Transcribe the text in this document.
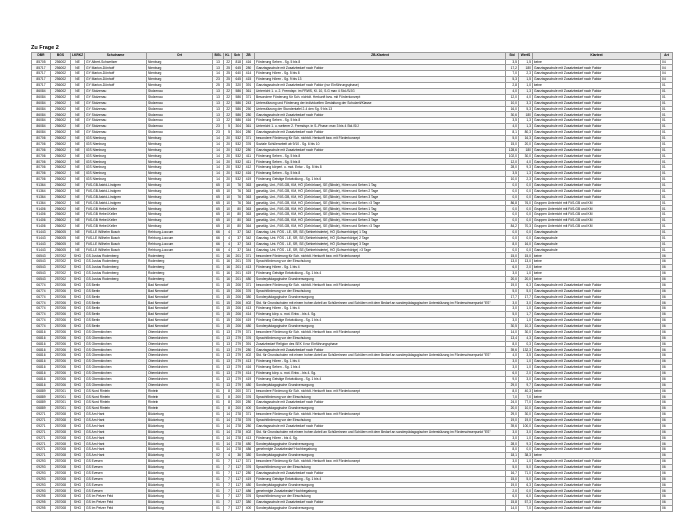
Zu Frage 2
DBR	BGS	LKRKZ	Schulname	Ort	BGL	KL	Sch	ZB	ZB-Klartext	Std	WertS	Klartext	Art
85705	256002	NE	GY Albert-Schweitzer	Nienburg	13	22	818	416	Förderung Sehen - Sg. 5 bis 8	3,5	1,5	keine	04
85717	256002	NE	GY Marion-Dönhoff	Nienburg	13	25	645	280	Ganztagsschule mit Zusatzbedarf nach Faktor	17,2	180	Ganztagsschule mit Zusatzbedarf nach Faktor	04
85717	256002	NE	GY Marion-Dönhoff	Nienburg	14	25	640	414	Förderung Hören - Sg. 5 bis 8	7,0	2,3	Ganztagsschule mit Zusatzbedarf nach Faktor	04
85717	256002	NE	GY Marion-Dönhoff	Nienburg	23	25	645	415	Förderung Hören - Sg. 9 bis 13	5,3	1,5	Ganztagsschule mit Zusatzbedarf nach Faktor	04
85717	256002	NE	GY Marion-Dönhoff	Nienburg	25	25	320	391	Ganztagsschule mit Zusatzbedarf nach Faktor (nur Einführungsphase)	2,8	1,0	keine	01
86084	256002	NE	GY Stolzenau	Stolzenau	13	22	586	361	Unterricht 1. u. 2. Fremdspr. im FRWS, Kl. 10, S.G max 4 Std./S/JG	4,0	1,3	Ganztagsschule mit Zusatzbedarf nach Faktor	01
86084	256002	NE	GY Stolzenau	Stolzenau	13	22	586	371	Besondere Förderung für Sch. nichtdt. Herkunft bzw. mit Förderkonzept	12,0	4,0	Ganztagsschule mit Zusatzbedarf nach Faktor	01
86084	256002	NE	GY Stolzenau	Stolzenau	13	22	586	243	Unterstützung und Förderung der individuellen Gestaltung der Schulzeit/Klasse	10,0	3,3	Ganztagsschule mit Zusatzbedarf nach Faktor	01
86084	256002	NE	GY Stolzenau	Stolzenau	13	22	586	250	Unterstützung der Stundentafel 2-4 den Sg. 9 bis 13	16,0	5,3	Ganztagsschule mit Zusatzbedarf nach Faktor	01
86084	256002	NE	GY Stolzenau	Stolzenau	13	22	586	280	Ganztagsschule mit Zusatzbedarf nach Faktor	30,6	180	Ganztagsschule mit Zusatzbedarf nach Faktor	01
86084	256002	NE	GY Stolzenau	Stolzenau	13	22	586	416	Förderung Sehen - Sg. 5 bis 8	3,5	1,3	Ganztagsschule mit Zusatzbedarf nach Faktor	01
86084	256002	NE	GY Stolzenau	Stolzenau	23	5	304	361	Unterricht 1. u. weiterer 2. Fremdspr. in S.-Phase: max 3 bis 4 Std./S/J	4,0	1,3	Ganztagsschule mit Zusatzbedarf nach Faktor	01
86084	256002	NE	GY Stolzenau	Stolzenau	23	5	304	280	Ganztagsschule mit Zusatzbedarf nach Faktor	8,1	80,3	Ganztagsschule mit Zusatzbedarf nach Faktor	01
80706	256002	NE	IGS Nienburg	Nienburg	14	20	532	371	besondere Förderung für Sch. nichtdt. Herkunft bzw. mit Förderkonzept	5,0	16,3	Ganztagsschule mit Zusatzbedarf nach Faktor	01
80706	256002	NE	IGS Nienburg	Nienburg	14	20	532	376	Soziale Schülerarbeit ab 9/10 - Sg. 6 bis 10	15,0	20,0	Ganztagsschule mit Zusatzbedarf nach Faktor	01
80706	256002	NE	IGS Nienburg	Nienburg	14	20	532	280	Ganztagsschule mit Zusatzbedarf nach Faktor	128,6	180	Ganztagsschule mit Zusatzbedarf nach Faktor	01
80706	256002	NE	IGS Nienburg	Nienburg	14	20	532	411	Förderung Sehen - Sg. 5 bis 8	102,0	30,0	Ganztagsschule mit Zusatzbedarf nach Faktor	01
80706	256002	NE	IGS Nienburg	Nienburg	14	20	532	411	Förderung Sehen - Sg. 5 bis 8	12,0	4,0	Ganztagsschule mit Zusatzbedarf nach Faktor	01
80706	256002	NE	IGS Nienburg	Nienburg	14	20	532	412	Förderung körperl. u. mot. Entw. - Sg. 5 bis 8	28,0	9,3	Ganztagsschule mit Zusatzbedarf nach Faktor	01
80706	256002	NE	IGS Nienburg	Nienburg	14	20	532	416	Förderung Sehen - Sg. 5 bis 8	3,5	1,3	Ganztagsschule mit Zusatzbedarf nach Faktor	01
80706	256002	NE	IGS Nienburg	Nienburg	14	20	532	419	Förderung Geistige Entwicklung - Sg. 1 bis 6	10,0	2,3	Ganztagsschule mit Zusatzbedarf nach Faktor	01
91364	256002	NE	FöS-GB Astrid-Lindgren	Nienburg	65	10	76	363	ganztäg. Unt., FöS-GB, KM, HÖ (Gehörlose), SE (Blinde), Hören und Sehen 1 Tag	0,0	0,0	Ganztagsschule mit Zusatzbedarf nach Faktor	01
91364	256002	NE	FöS-GB Astrid-Lindgren	Nienburg	65	10	76	363	ganztäg. Unt., FöS-GB, KM, HÖ (Gehörlose), SE (Blinde), Hören und Sehen 2 Tage	0,0	0,0	Ganztagsschule mit Zusatzbedarf nach Faktor	01
91364	256002	NE	FöS-GB Astrid-Lindgren	Nienburg	65	10	76	363	ganztäg. Unt., FöS-GB, KM, HÖ (Gehörlose), SE (Blinde), Hören und Sehen 3 Tage	0,0	0,0	Ganztagsschule mit Zusatzbedarf nach Faktor	01
91364	256002	NE	FöS-GB Astrid-Lindgren	Nienburg	65	10	76	364	ganztäg. Unt., FöS-GB, KM, HÖ (Gehörlose), SE (Blinde), Hören und Sehen >3 Tage	86,8	76,0	Gruppen Unterricht mit FöS-GB und KM	01
91406	256002	NE	FöS-GB Hebel-Keller	Nienburg	65	10	80	363	ganztäg. Unt., FöS-GB, KM, HÖ (Gehörlose), SE (Blinde), Hören und Sehen 1 Tag	0,0	0,0	Gruppen Unterricht mit FöS-GB und KM	01
91406	256002	NE	FöS-GB Hebel-Keller	Nienburg	65	10	80	363	ganztäg. Unt., FöS-GB, KM, HÖ (Gehörlose), SE (Blinde), Hören und Sehen 2 Tage	0,0	0,0	Gruppen Unterricht mit FöS-GB und KM	01
91406	256002	NE	FöS-GB Hebel-Keller	Nienburg	65	10	80	363	ganztäg. Unt., FöS-GB, KM, HÖ (Gehörlose), SE (Blinde), Hören und Sehen 3 Tage	0,0	0,0	Gruppen Unterricht mit FöS-GB und KM	01
91406	256002	NE	FöS-GB Hebel-Keller	Nienburg	65	10	80	364	ganztäg. Unt., FöS-GB, KM, HÖ (Gehörlose), SE (Blinde), Hören und Sehen >3 Tage	84,2	70,3	Gruppen Unterricht mit FöS-GB und KM	01
91443	256005	NE	FöS-LE Wilhelm Busch	Rehburg-Loccum	66	4	37	342	Ganztag. Unt. FÖS - LE, SR, SE (Sehbehinderte), HÖ (Schwerhörige) 1 Tag	0,0	0,0	Ganztagsschule	01
91443	256005	NE	FöS-LE Wilhelm Busch	Rehburg-Loccum	66	4	37	342	Ganztag. Unt. FÖS - LE, SR, SE (Sehbehinderte), HÖ (Schwerhörige) 2 Tage	0,0	0,0	Ganztagsschule	01
91443	256005	NE	FöS-LE Wilhelm Busch	Rehburg-Loccum	66	4	37	343	Ganztag. Unt. FÖS - LE, SR, SE (Sehbehinderte), HÖ (Schwerhörige) 3 Tage	8,0	16,0	Ganztagsschule	01
91443	256005	NE	FöS-LE Wilhelm Busch	Rehburg-Loccum	66	4	37	344	Ganztag. Unt. FÖS - LE, SR, SE (Sehbehinderte), HÖ (Schwerhörige) >3 Tage	0,0	0,0	Ganztagsschule	01
06543	257002	SHG	GS Justus Rodenberg	Rodenberg	01	16	201	371	besondere Förderung für Sch. nichtdt. Herkunft bzw. mit Förderkonzept	15,0	15,0	keine	06
06543	257002	SHG	GS Justus Rodenberg	Rodenberg	01	16	201	376	Sprachförderung vor der Einschulung	13,0	13,0	keine	06
06543	257002	SHG	GS Justus Rodenberg	Rodenberg	01	16	201	413	Förderung Hören - Sg. 1 bis 4	6,0	2,0	keine	06
06543	257002	SHG	GS Justus Rodenberg	Rodenberg	01	16	201	419	Förderung Geistige Entwicklung - Sg. 1 bis 4	3,0	1,0	keine	06
06543	257002	SHG	GS Justus Rodenberg	Rodenberg	01	16	201	480	Sonderpädagogische Grundversorgung	20,0	20,0	keine	06
06774	257006	SHG	GS Berlin	Bad Nenndorf	01	15	206	371	besondere Förderung für Sch. nichtdt. Herkunft bzw. mit Förderkonzept	19,0	6,3	Ganztagsschule mit Zusatzbedarf nach Faktor	06
06774	257006	SHG	GS Berlin	Bad Nenndorf	01	15	206	376	Sprachförderung vor der Einschulung	5,0	5,0	Ganztagsschule mit Zusatzbedarf nach Faktor	06
06774	257006	SHG	GS Berlin	Bad Nenndorf	01	15	206	380	Sonderpädagogische Grundversorgung	17,7	17,7	Ganztagsschule mit Zusatzbedarf nach Faktor	06
06774	257006	SHG	GS Berlin	Bad Nenndorf	01	15	206	402	Std. für Grundschulen mit einem hohen Anteil an Schülerinnen und Schülern mit dem Bedarf an sonderpädagogischer Unterstützung im Förderschwerpunkt "ES"	3,0	3,0	Ganztagsschule mit Zusatzbedarf nach Faktor	06
06774	257006	SHG	GS Berlin	Bad Nenndorf	01	15	206	413	Förderung Hören - Sg. 1 bis 4	3,0	1,0	Ganztagsschule mit Zusatzbedarf nach Faktor	06
06774	257006	SHG	GS Berlin	Bad Nenndorf	01	15	206	414	Förderung körp. u. mot. Entw. - bis 4. Sg.	5,0	1,7	Ganztagsschule mit Zusatzbedarf nach Faktor	06
06774	257006	SHG	GS Berlin	Bad Nenndorf	01	15	206	419	Förderung Geistige Entwicklung - Sg. 1 bis 4	3,0	1,0	Ganztagsschule mit Zusatzbedarf nach Faktor	06
06774	257006	SHG	GS Berlin	Bad Nenndorf	01	15	206	480	Sonderpädagogische Grundversorgung	30,5	10,3	Ganztagsschule mit Zusatzbedarf nach Faktor	06
06816	257006	SHG	GS Obernkirchen	Obernkirchen	01	13	279	371	besondere Förderung für Sch. nichtdt. Herkunft bzw. mit Förderkonzept	14,0	30,0	Ganztagsschule mit Zusatzbedarf nach Faktor	06
06816	257006	SHG	GS Obernkirchen	Obernkirchen	01	13	279	376	Sprachförderung vor der Einschulung	13,4	4,3	Ganztagsschule mit Zusatzbedarf nach Faktor	06
06816	257006	SHG	GS Obernkirchen	Obernkirchen	01	13	279	391	Zusatzbedarf Religion des SEK II nur Einführungsphase	8,0	0,3	Ganztagsschule mit Zusatzbedarf nach Faktor	06
06816	257006	SHG	GS Obernkirchen	Obernkirchen	01	13	279	280	Ganztagsschule mit Zusatzbedarf nach Faktor	39,6	132,3	Ganztagsschule mit Zusatzbedarf nach Faktor	06
06816	257006	SHG	GS Obernkirchen	Obernkirchen	01	13	279	402	Std. für Grundschulen mit einem hohen Anteil an Schülerinnen und Schülern mit dem Bedarf an sonderpädagogischer Unterstützung im Förderschwerpunkt "ES"	4,0	3,5	Ganztagsschule mit Zusatzbedarf nach Faktor	06
06816	257006	SHG	GS Obernkirchen	Obernkirchen	01	13	279	413	Förderung Hören - Sg. 1 bis 4	3,0	1,0	Ganztagsschule mit Zusatzbedarf nach Faktor	06
06816	257006	SHG	GS Obernkirchen	Obernkirchen	01	13	279	416	Förderung Sehen - Sg. 1 bis 4	3,0	1,0	Ganztagsschule mit Zusatzbedarf nach Faktor	06
06816	257006	SHG	GS Obernkirchen	Obernkirchen	01	13	279	414	Förderung körp. u. mot. Entw. - bis 4. Sg.	6,0	2,0	Ganztagsschule mit Zusatzbedarf nach Faktor	06
06816	257006	SHG	GS Obernkirchen	Obernkirchen	01	13	279	419	Förderung Geistige Entwicklung - Sg. 1 bis 4	9,0	3,0	Ganztagsschule mit Zusatzbedarf nach Faktor	06
06816	257006	SHG	GS Obernkirchen	Obernkirchen	01	13	279	480	Sonderpädagogische Grundversorgung	29,0	9,7	Ganztagsschule mit Zusatzbedarf nach Faktor	06
06889	257001	SHG	GS Nord Rinteln	Rinteln	01	8	200	371	besondere Förderung für Sch. nichtdt. Herkunft bzw. mit Förderkonzept	8,0	40,3	keine	06
06889	257001	SHG	GS Nord Rinteln	Rinteln	01	8	200	376	Sprachförderung vor der Einschulung	7,0	7,0	keine	06
06889	257001	SHG	GS Nord Rinteln	Rinteln	01	8	200	280	Ganztagsschule mit Zusatzbedarf nach Faktor	24,0	77,0	Ganztagsschule mit Zusatzbedarf nach Faktor	06
06889	257001	SHG	GS Nord Rinteln	Rinteln	01	8	200	400	Sonderpädagogische Grundversorgung	20,0	10,0	Ganztagsschule mit Zusatzbedarf nach Faktor	06
09271	257008	SHG	GS Am Hant	Bückeburg	01	14	278	371	besondere Förderung für Sch. nichtdt. Herkunft bzw. mit Förderkonzept	29,0	30,0	Ganztagsschule mit Zusatzbedarf nach Faktor	06
09271	257008	SHG	GS Am Hant	Bückeburg	01	14	278	376	Sprachförderung vor der Einschulung	19,0	19,0	Ganztagsschule mit Zusatzbedarf nach Faktor	06
09271	257008	SHG	GS Am Hant	Bückeburg	01	14	278	280	Ganztagsschule mit Zusatzbedarf nach Faktor	39,6	100,0	Ganztagsschule mit Zusatzbedarf nach Faktor	06
09271	257008	SHG	GS Am Hant	Bückeburg	01	14	278	402	Std. für Grundschulen mit einem hohen Anteil an Schülerinnen und Schülern mit dem Bedarf an sonderpädagogischer Unterstützung im Förderschwerpunkt "ES"	3,0	3,0	Ganztagsschule mit Zusatzbedarf nach Faktor	06
09271	257008	SHG	GS Am Hant	Bückeburg	01	14	278	413	Förderung Hören - bis 4. Sg.	3,0	1,0	Ganztagsschule mit Zusatzbedarf nach Faktor	06
09271	257008	SHG	GS Am Hant	Bückeburg	01	14	278	480	Sonderpädagogische Grundversorgung	28,0	9,3	Ganztagsschule mit Zusatzbedarf nach Faktor	06
09271	257008	SHG	GS Am Hant	Bückeburg	01	14	278	486	genehmigte Zusatzbedarf Hochbegabung	8,0	0,0	Ganztagsschule mit Zusatzbedarf nach Faktor	06
09271	257008	SHG	GS Am Hant	Bückeburg	02	4	36	380	Sonderpädagogische Grundversorgung	18,1	38,3	keine	06
09293	257008	SHG	GS Evesen	Bückeburg	01	7	117	371	besondere Förderung für Sch. nichtdt. Herkunft bzw. mit Förderkonzept	3,0	1,0	Ganztagsschule mit Zusatzbedarf nach Faktor	06
09293	257008	SHG	GS Evesen	Bückeburg	01	7	117	376	Sprachförderung vor der Einschulung	5,0	5,0	Ganztagsschule mit Zusatzbedarf nach Faktor	06
09293	257008	SHG	GS Evesen	Bückeburg	01	7	117	280	Ganztagsschule mit Zusatzbedarf nach Faktor	16,7	71,0	Ganztagsschule mit Zusatzbedarf nach Faktor	06
09293	257008	SHG	GS Evesen	Bückeburg	01	7	117	419	Förderung Geistige Entwicklung - Sg. 1 bis 4	15,0	5,0	Ganztagsschule mit Zusatzbedarf nach Faktor	06
09293	257008	SHG	GS Evesen	Bückeburg	01	7	117	480	Sonderpädagogische Grundversorgung	19,0	6,3	Ganztagsschule mit Zusatzbedarf nach Faktor	06
09293	257008	SHG	GS Evesen	Bückeburg	01	7	117	486	genehmigte Zusatzbedarf Hochbegabung	2,0	0,0	Ganztagsschule mit Zusatzbedarf nach Faktor	06
09295	257008	SHG	GS Im Petzer Feld	Bückeburg	01	7	127	376	Sprachförderung vor der Einschulung	6,0	6,0	Ganztagsschule mit Zusatzbedarf nach Faktor	06
09295	257008	SHG	GS Im Petzer Feld	Bückeburg	01	7	127	380	Ganztagsschule mit Zusatzbedarf nach Faktor	15,8	57,3	Ganztagsschule mit Zusatzbedarf nach Faktor	06
09295	257008	SHG	GS Im Petzer Feld	Bückeburg	01	7	127	400	Sonderpädagogische Grundversorgung	14,0	7,0	Ganztagsschule mit Zusatzbedarf nach Faktor	06
